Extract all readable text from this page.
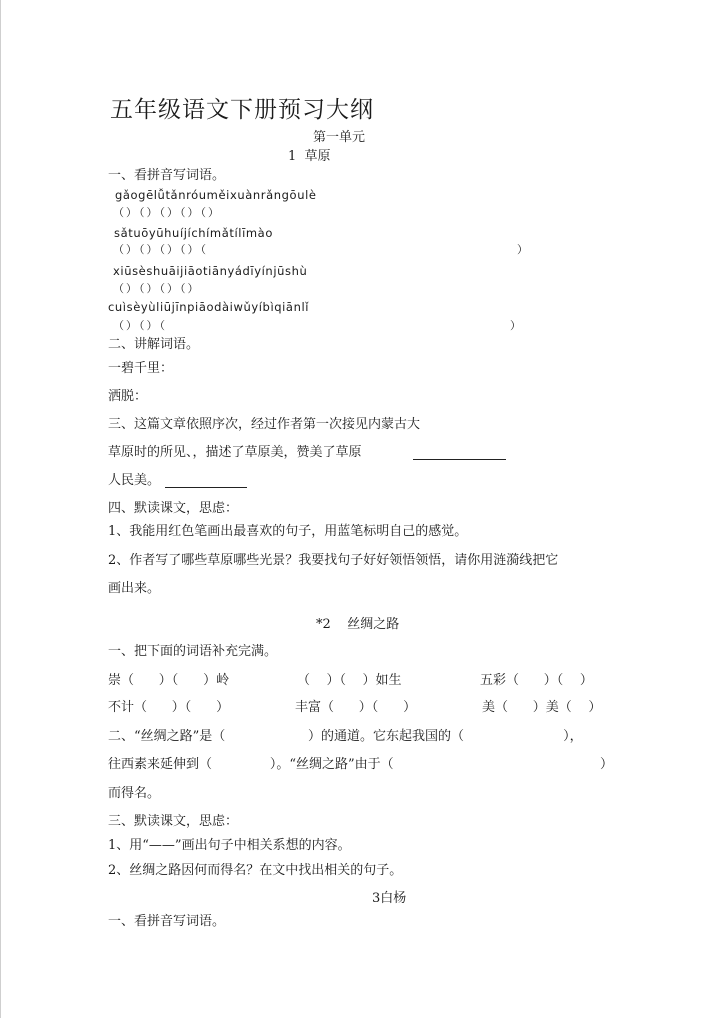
五年级语文下册预习大纲
第一单元
1  草原
一、看拼音写词语。
gǎogēlǚtǎnróuměixuànrǎngōulè
（）（）（）（）（）
sǎtuōyūhuíjíchímǎtílīmào
（）（）（）（）（	）
xiūsèshuāijiāotiānyádīyínjūshù
（）（）（）（）
cuìsèyùliūjīnpiāodàiwǔyíbìqiānlǐ
（）（）（	）
二、讲解词语。
一碧千里：
洒脱：
三、这篇文章依照序次，经过作者第一次接见内蒙古大
草原时的所见、，描述了草原美，赞美了草原
人民美。
四、默读课文，思虑：
1、我能用红色笔画出最喜欢的句子，用蓝笔标明自己的感觉。
2、作者写了哪些草原哪些光景？我要找句子好好领悟领悟，请你用涟漪线把它
画出来。
*2    丝绸之路
一、把下面的词语补充完满。
崇（      ）（      ）岭	（    ）（    ）如生	五彩（      ）（    ）
不计（      ）（      ）	丰富（      ）（      ）	美（      ）美（    ）
二、“丝绸之路”是（                    ）的通道。它东起我国的（                        ），
往西素来延伸到（              ）。“丝绸之路”由于（	）
而得名。
三、默读课文，思虑：
1、用“——”画出句子中相关系想的内容。
2、丝绸之路因何而得名？在文中找出相关的句子。
3白杨
一、看拼音写词语。
